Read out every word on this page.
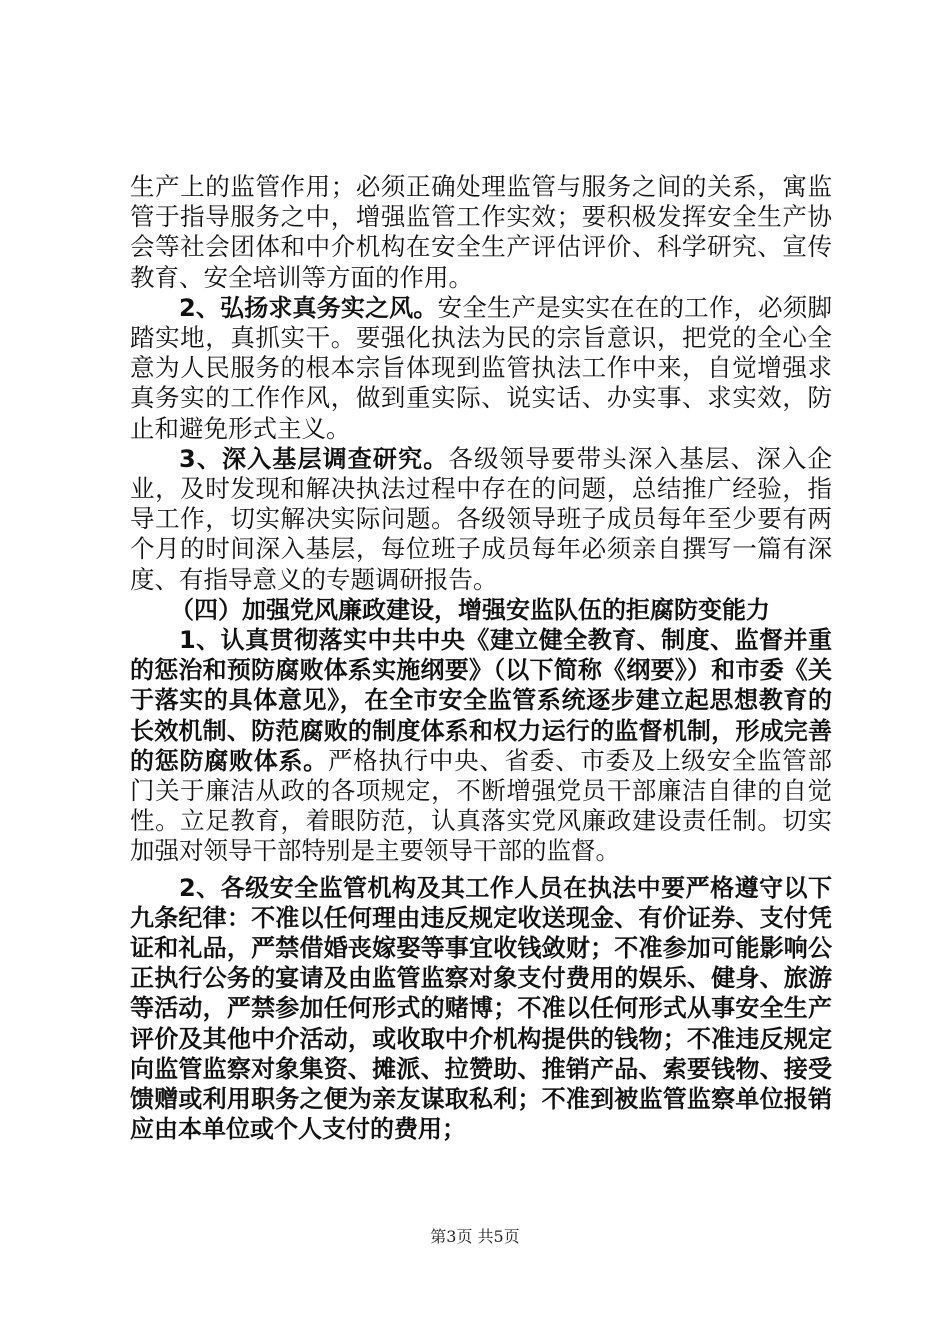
生产上的监管作用；必须正确处理监管与服务之间的关系，寓监管于指导服务之中，增强监管工作实效；要积极发挥安全生产协会等社会团体和中介机构在安全生产评估评价、科学研究、宣传教育、安全培训等方面的作用。

2、弘扬求真务实之风。安全生产是实实在在的工作，必须脚踏实地，真抓实干。要强化执法为民的宗旨意识，把党的全心全意为人民服务的根本宗旨体现到监管执法工作中来，自觉增强求真务实的工作作风，做到重实际、说实话、办实事、求实效，防止和避免形式主义。

3、深入基层调查研究。各级领导要带头深入基层、深入企业，及时发现和解决执法过程中存在的问题，总结推广经验，指导工作，切实解决实际问题。各级领导班子成员每年至少要有两个月的时间深入基层，每位班子成员每年必须亲自撰写一篇有深度、有指导意义的专题调研报告。

（四）加强党风廉政建设，增强安监队伍的拒腐防变能力

1、认真贯彻落实中共中央《建立健全教育、制度、监督并重的惩治和预防腐败体系实施纲要》（以下简称《纲要》）和市委《关于落实的具体意见》，在全市安全监管系统逐步建立起思想教育的长效机制、防范腐败的制度体系和权力运行的监督机制，形成完善的惩防腐败体系。严格执行中央、省委、市委及上级安全监管部门关于廉洁从政的各项规定，不断增强党员干部廉洁自律的自觉性。立足教育，着眼防范，认真落实党风廉政建设责任制。切实加强对领导干部特别是主要领导干部的监督。

2、各级安全监管机构及其工作人员在执法中要严格遵守以下九条纪律：不准以任何理由违反规定收送现金、有价证券、支付凭证和礼品，严禁借婚丧嫁娶等事宜收钱敛财；不准参加可能影响公正执行公务的宴请及由监管监察对象支付费用的娱乐、健身、旅游等活动，严禁参加任何形式的赌博；不准以任何形式从事安全生产评价及其他中介活动，或收取中介机构提供的钱物；不准违反规定向监管监察对象集资、摊派、拉赞助、推销产品、索要钱物、接受馈赠或利用职务之便为亲友谋取私利；不准到被监管监察单位报销应由本单位或个人支付的费用；

第3页 共5页
